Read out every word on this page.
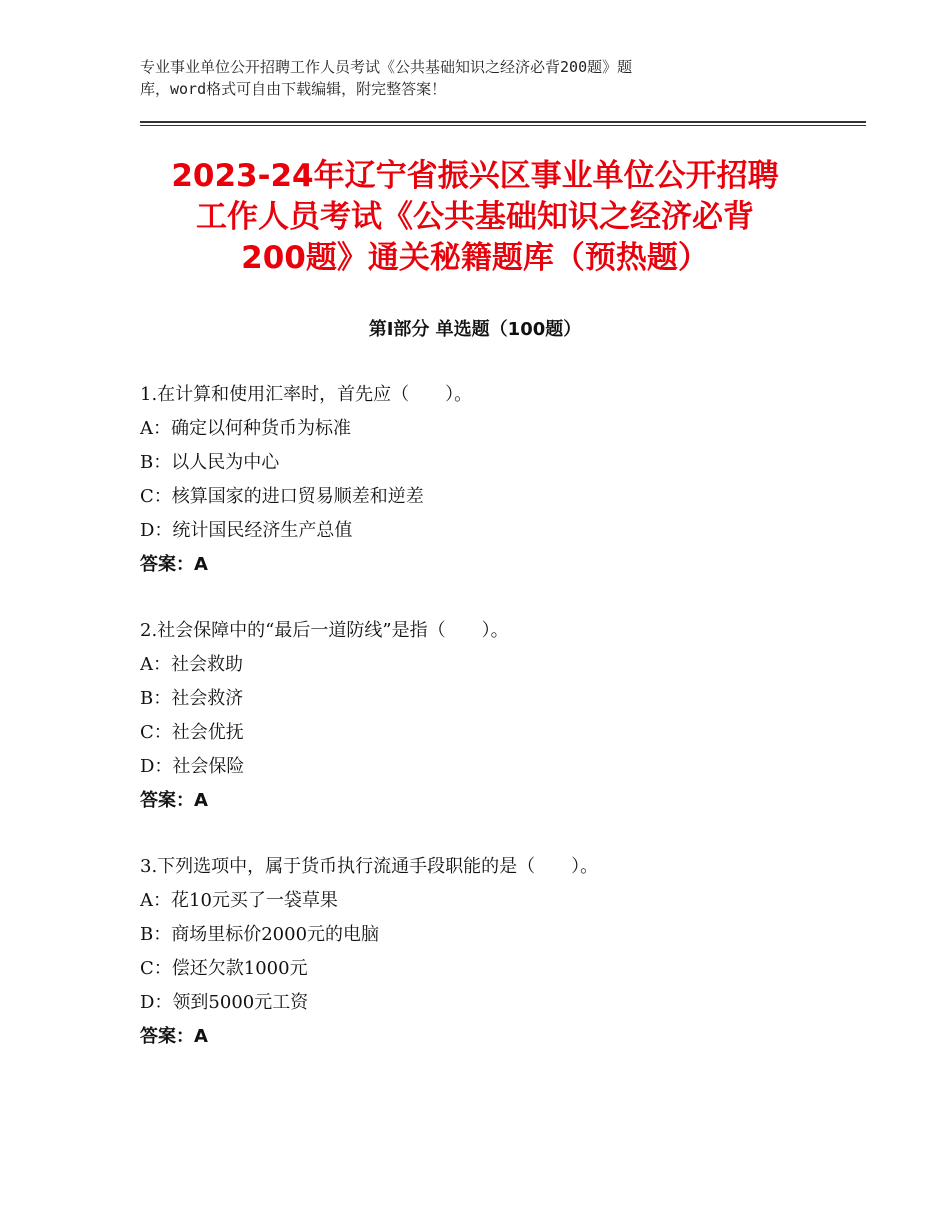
专业事业单位公开招聘工作人员考试《公共基础知识之经济必背200题》题
库，word格式可自由下载编辑，附完整答案！
2023-24年辽宁省振兴区事业单位公开招聘
工作人员考试《公共基础知识之经济必背
200题》通关秘籍题库（预热题）
第Ⅰ部分 单选题（100题）
1.在计算和使用汇率时，首先应（　　）。
A：确定以何种货币为标准
B：以人民为中心
C：核算国家的进口贸易顺差和逆差
D：统计国民经济生产总值
答案：A
2.社会保障中的“最后一道防线”是指（　　）。
A：社会救助
B：社会救济
C：社会优抚
D：社会保险
答案：A
3.下列选项中，属于货币执行流通手段职能的是（　　）。
A：花10元买了一袋草果
B：商场里标价2000元的电脑
C：偿还欠款1000元
D：领到5000元工资
答案：A
